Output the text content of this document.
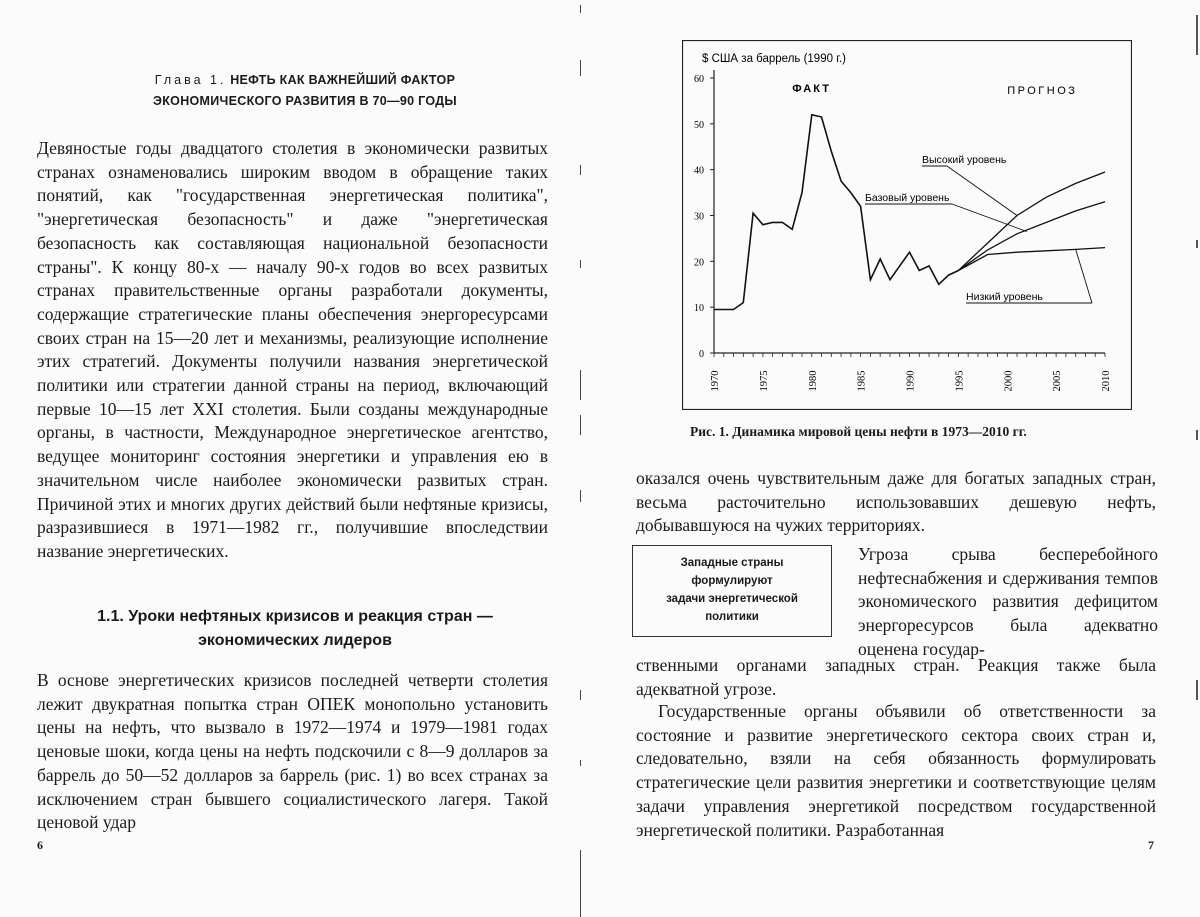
Глава 1. НЕФТЬ КАК ВАЖНЕЙШИЙ ФАКТОР
ЭКОНОМИЧЕСКОГО РАЗВИТИЯ В 70—90 ГОДЫ

Девяностые годы двадцатого столетия в экономически развитых странах ознаменовались широким вводом в обращение таких понятий, как "государственная энергетическая политика", "энергетическая безопасность" и даже "энергетическая безопасность как составляющая национальной безопасности страны". К концу 80-х — началу 90-х годов во всех развитых странах правительственные органы разработали документы, содержащие стратегические планы обеспечения энергоресурсами своих стран на 15—20 лет и механизмы, реализующие исполнение этих стратегий. Документы получили названия энергетической политики или стратегии данной страны на период, включающий первые 10—15 лет XXI столетия. Были созданы международные органы, в частности, Международное энергетическое агентство, ведущее мониторинг состояния энергетики и управления ею в значительном числе наиболее экономически развитых стран. Причиной этих и многих других действий были нефтяные кризисы, разразившиеся в 1971—1982 гг., получившие впоследствии название энергетических.

1.1. Уроки нефтяных кризисов и реакция стран —
экономических лидеров

В основе энергетических кризисов последней четверти столетия лежит двукратная попытка стран ОПЕК монопольно установить цены на нефть, что вызвало в 1972—1974 и 1979—1981 годах ценовые шоки, когда цены на нефть подскочили с 8—9 долларов за баррель до 50—52 долларов за баррель (рис. 1) во всех странах за исключением стран бывшего социалистического лагеря. Такой ценовой удар

6
0
10
20
30
40
50
60
1970	1975	1980	1985	1990	1995	2000	2005	2010
$ США за баррель (1990 г.)
ФАКТ	ПРОГНОЗ
Высокий уровень
Базовый уровень
Низкий уровень
Рис. 1. Динамика мировой цены нефти в 1973—2010 гг.

оказался очень чувствительным даже для богатых западных стран, весьма расточительно использовавших дешевую нефть, добывавшуюся на чужих территориях.

Западные страны
формулируют
задачи энергетической
политики

Угроза срыва бесперебойного нефтеснабжения и сдерживания темпов экономического развития дефицитом энергоресурсов была адекватно оценена государ-

ственными органами западных стран. Реакция также была адекватной угрозе.

Государственные органы объявили об ответственности за состояние и развитие энергетического сектора своих стран и, следовательно, взяли на себя обязанность формулировать стратегические цели развития энергетики и соответствующие целям задачи управления энергетикой посредством государственной энергетической политики. Разработанная

7
